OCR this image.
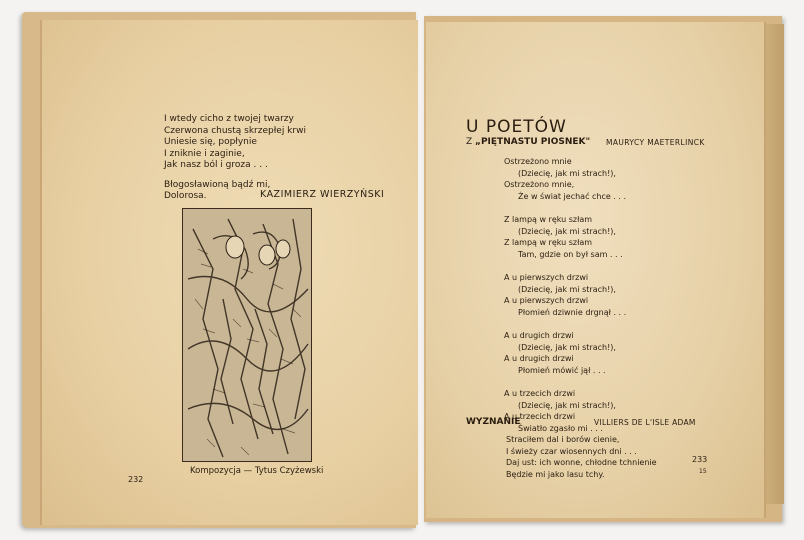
I wtedy cicho z twojej twarzy
Czerwona chustą skrzepłej krwi
Uniesie się, popłynie
I zniknie i zaginie,
Jak nasz ból i groza . . .
Błogosławioną bądź mi,
Dolorosa.	KAZIMIERZ WIERZYŃSKI
Kompozycja — Tytus Czyżewski
232
U POETÓW
Z „PIĘTNASTU PIOSNEK" MAURYCY MAETERLINCK
Ostrzeżono mnie
(Dziecię, jak mi strach!),
Ostrzeżono mnie,
Że w świat jechać chce . . .
Z lampą w ręku szłam
(Dziecię, jak mi strach!),
Z lampą w ręku szłam
Tam, gdzie on był sam . . .
A u pierwszych drzwi
(Dziecię, jak mi strach!),
A u pierwszych drzwi
Płomień dziwnie drgnął . . .
A u drugich drzwi
(Dziecię, jak mi strach!),
A u drugich drzwi
Płomień mówić jął . . .
A u trzecich drzwi
(Dziecię, jak mi strach!),
A u trzecich drzwi
Światło zgasło mi . . .
WYZNANIE	VILLIERS DE L'ISLE ADAM
Straciłem dal i borów cienie,
I świeży czar wiosennych dni . . .
Daj ust: ich wonne, chłodne tchnienie
Będzie mi jako lasu tchy.
233
15
